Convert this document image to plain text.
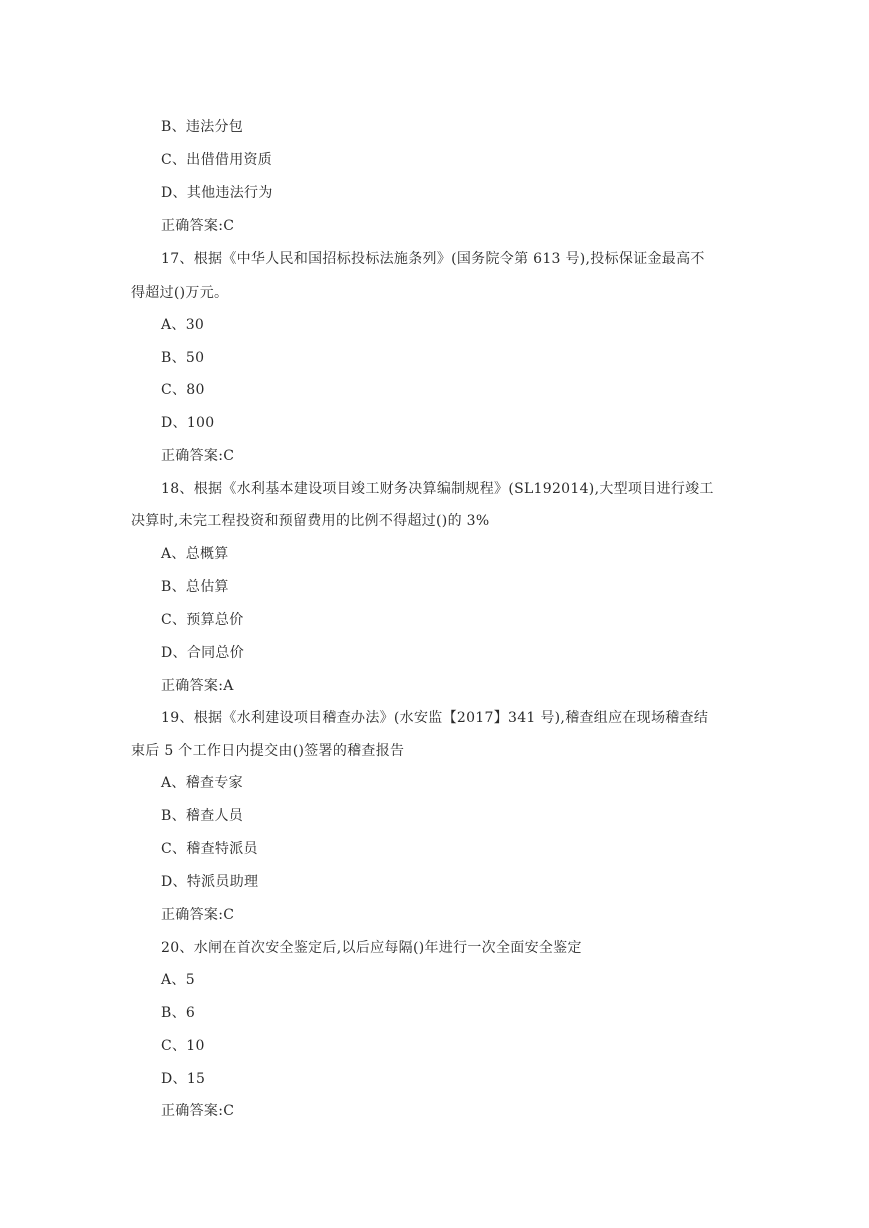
B、违法分包
C、出借借用资质
D、其他违法行为
正确答案:C
17、根据《中华人民和国招标投标法施条列》(国务院令第 613 号),投标保证金最高不
得超过()万元。
A、30
B、50
C、80
D、100
正确答案:C
18、根据《水利基本建设项目竣工财务决算编制规程》(SL192014),大型项目进行竣工
决算时,未完工程投资和预留费用的比例不得超过()的 3%
A、总概算
B、总估算
C、预算总价
D、合同总价
正确答案:A
19、根据《水利建设项目稽查办法》(水安监【2017】341 号),稽查组应在现场稽查结
束后 5 个工作日内提交由()签署的稽查报告
A、稽查专家
B、稽查人员
C、稽查特派员
D、特派员助理
正确答案:C
20、水闸在首次安全鉴定后,以后应每隔()年进行一次全面安全鉴定
A、5
B、6
C、10
D、15
正确答案:C
